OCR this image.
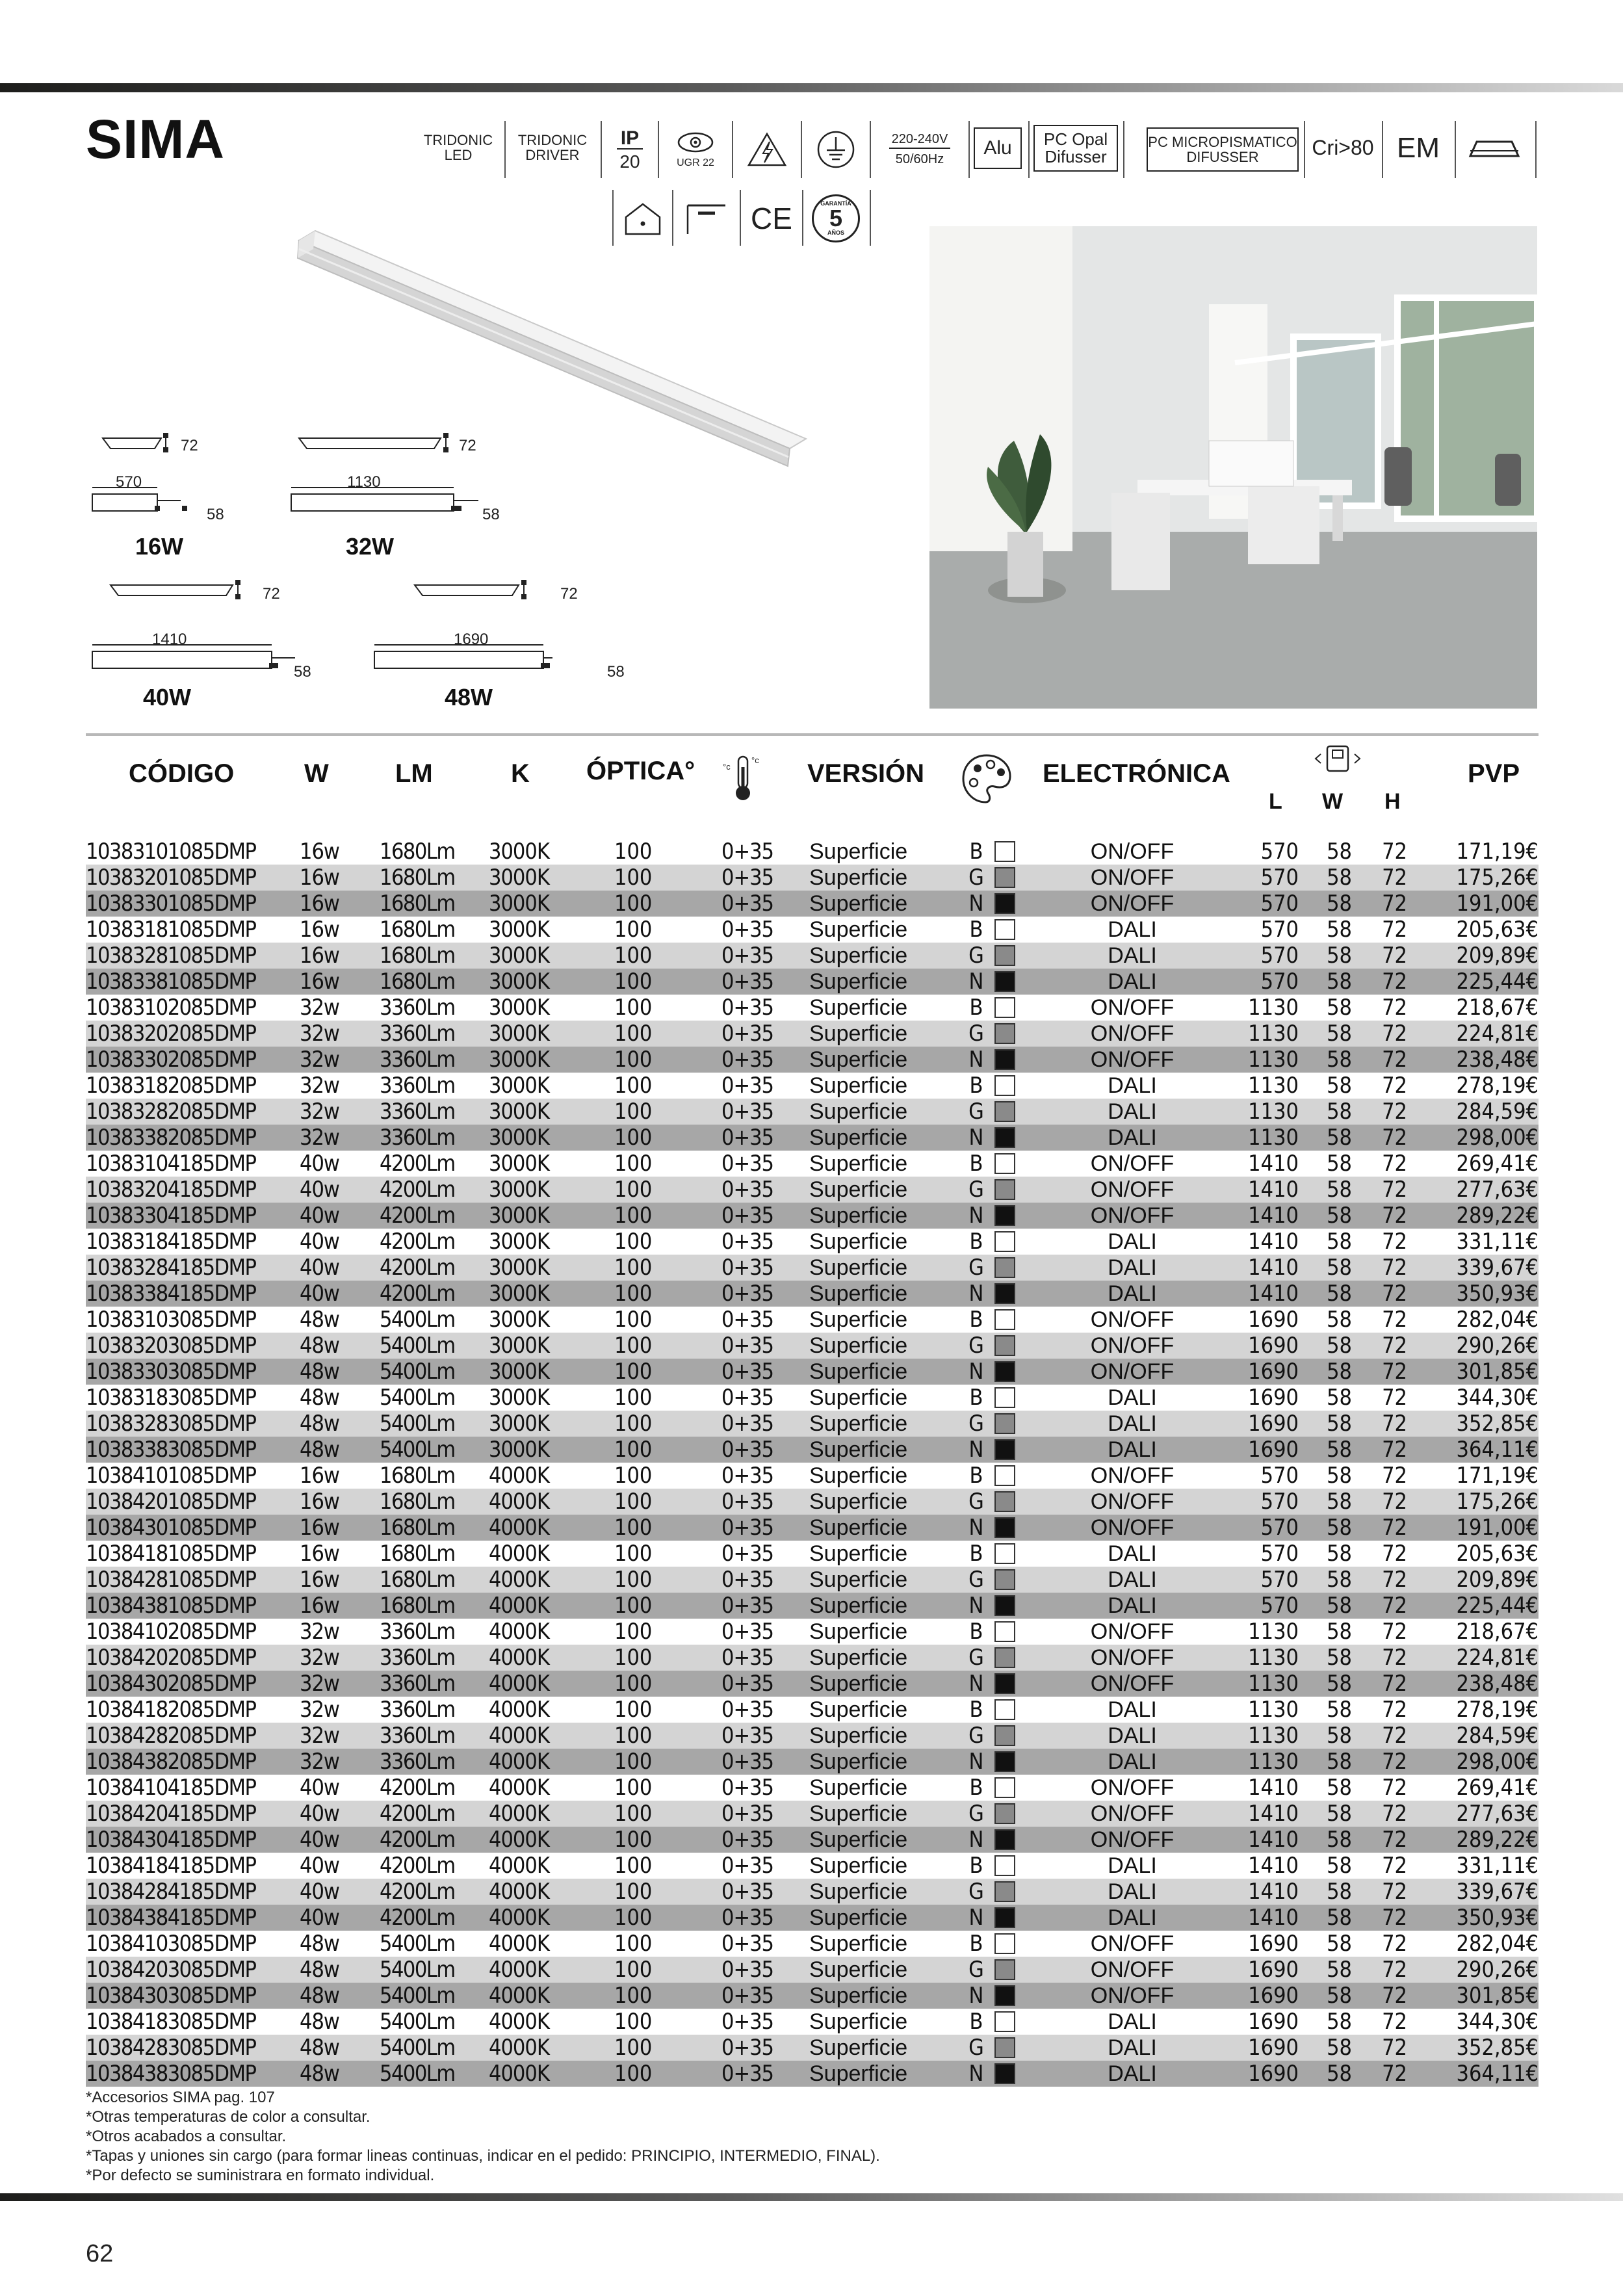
SIMA	TRIDONIC
LED
TRIDONIC
DRIVER
IP
20	UGR 22
220-240V
50/60Hz
Alu	PC Opal
Difusser
PC MICROPISMATICO
DIFUSSER	Cri>80 EM
CE	GARANTÍA
5
AÑOS
72
570
58
16W
72
1130
58
32W
72
1410
58
40W
72
1690
58
48W
CÓDIGO	W	LM	K ÓPTICA°	°c
°c VERSIÓN	ELECTRÓNICA
L W H
PVP
10383101085DMP 16w 1680Lm 3000K	100	0+35 Superficie	B	ON/OFF	570 58 72	171,19€
10383201085DMP 16w 1680Lm 3000K	100	0+35 Superficie	G	ON/OFF	570 58 72	175,26€
10383301085DMP 16w 1680Lm 3000K	100	0+35 Superficie	N	ON/OFF	570 58 72	191,00€
10383181085DMP 16w 1680Lm 3000K	100	0+35 Superficie	B	DALI	570 58 72	205,63€
10383281085DMP 16w 1680Lm 3000K	100	0+35 Superficie	G	DALI	570 58 72	209,89€
10383381085DMP 16w 1680Lm 3000K	100	0+35 Superficie	N	DALI	570 58 72	225,44€
10383102085DMP 32w 3360Lm 3000K	100	0+35 Superficie	B	ON/OFF	1130 58 72	218,67€
10383202085DMP 32w 3360Lm 3000K	100	0+35 Superficie	G	ON/OFF	1130 58 72	224,81€
10383302085DMP 32w 3360Lm 3000K	100	0+35 Superficie	N	ON/OFF	1130 58 72	238,48€
10383182085DMP 32w 3360Lm 3000K	100	0+35 Superficie	B	DALI	1130 58 72	278,19€
10383282085DMP 32w 3360Lm 3000K	100	0+35 Superficie	G	DALI	1130 58 72	284,59€
10383382085DMP 32w 3360Lm 3000K	100	0+35 Superficie	N	DALI	1130 58 72	298,00€
10383104185DMP 40w 4200Lm 3000K	100	0+35 Superficie	B	ON/OFF	1410 58 72	269,41€
10383204185DMP 40w 4200Lm 3000K	100	0+35 Superficie	G	ON/OFF	1410 58 72	277,63€
10383304185DMP 40w 4200Lm 3000K	100	0+35 Superficie	N	ON/OFF	1410 58 72	289,22€
10383184185DMP 40w 4200Lm 3000K	100	0+35 Superficie	B	DALI	1410 58 72	331,11€
10383284185DMP 40w 4200Lm 3000K	100	0+35 Superficie	G	DALI	1410 58 72	339,67€
10383384185DMP 40w 4200Lm 3000K	100	0+35 Superficie	N	DALI	1410 58 72	350,93€
10383103085DMP 48w 5400Lm 3000K	100	0+35 Superficie	B	ON/OFF	1690 58 72	282,04€
10383203085DMP 48w 5400Lm 3000K	100	0+35 Superficie	G	ON/OFF	1690 58 72	290,26€
10383303085DMP 48w 5400Lm 3000K	100	0+35 Superficie	N	ON/OFF	1690 58 72	301,85€
10383183085DMP 48w 5400Lm 3000K	100	0+35 Superficie	B	DALI	1690 58 72	344,30€
10383283085DMP 48w 5400Lm 3000K	100	0+35 Superficie	G	DALI	1690 58 72	352,85€
10383383085DMP 48w 5400Lm 3000K	100	0+35 Superficie	N	DALI	1690 58 72	364,11€
10384101085DMP 16w 1680Lm 4000K	100	0+35 Superficie	B	ON/OFF	570 58 72	171,19€
10384201085DMP 16w 1680Lm 4000K	100	0+35 Superficie	G	ON/OFF	570 58 72	175,26€
10384301085DMP 16w 1680Lm 4000K	100	0+35 Superficie	N	ON/OFF	570 58 72	191,00€
10384181085DMP 16w 1680Lm 4000K	100	0+35 Superficie	B	DALI	570 58 72	205,63€
10384281085DMP 16w 1680Lm 4000K	100	0+35 Superficie	G	DALI	570 58 72	209,89€
10384381085DMP 16w 1680Lm 4000K	100	0+35 Superficie	N	DALI	570 58 72	225,44€
10384102085DMP 32w 3360Lm 4000K	100	0+35 Superficie	B	ON/OFF	1130 58 72	218,67€
10384202085DMP 32w 3360Lm 4000K	100	0+35 Superficie	G	ON/OFF	1130 58 72	224,81€
10384302085DMP 32w 3360Lm 4000K	100	0+35 Superficie	N	ON/OFF	1130 58 72	238,48€
10384182085DMP 32w 3360Lm 4000K	100	0+35 Superficie	B	DALI	1130 58 72	278,19€
10384282085DMP 32w 3360Lm 4000K	100	0+35 Superficie	G	DALI	1130 58 72	284,59€
10384382085DMP 32w 3360Lm 4000K	100	0+35 Superficie	N	DALI	1130 58 72	298,00€
10384104185DMP 40w 4200Lm 4000K	100	0+35 Superficie	B	ON/OFF	1410 58 72	269,41€
10384204185DMP 40w 4200Lm 4000K	100	0+35 Superficie	G	ON/OFF	1410 58 72	277,63€
10384304185DMP 40w 4200Lm 4000K	100	0+35 Superficie	N	ON/OFF	1410 58 72	289,22€
10384184185DMP 40w 4200Lm 4000K	100	0+35 Superficie	B	DALI	1410 58 72	331,11€
10384284185DMP 40w 4200Lm 4000K	100	0+35 Superficie	G	DALI	1410 58 72	339,67€
10384384185DMP 40w 4200Lm 4000K	100	0+35 Superficie	N	DALI	1410 58 72	350,93€
10384103085DMP 48w 5400Lm 4000K	100	0+35 Superficie	B	ON/OFF	1690 58 72	282,04€
10384203085DMP 48w 5400Lm 4000K	100	0+35 Superficie	G	ON/OFF	1690 58 72	290,26€
10384303085DMP 48w 5400Lm 4000K	100	0+35 Superficie	N	ON/OFF	1690 58 72	301,85€
10384183085DMP 48w 5400Lm 4000K	100	0+35 Superficie	B	DALI	1690 58 72	344,30€
10384283085DMP 48w 5400Lm 4000K	100	0+35 Superficie	G	DALI	1690 58 72	352,85€
10384383085DMP 48w 5400Lm 4000K	100	0+35 Superficie	N	DALI	1690 58 72	364,11€
*Accesorios SIMA pag. 107
*Otras temperaturas de color a consultar.
*Otros acabados a consultar.
*Tapas y uniones sin cargo (para formar lineas continuas, indicar en el pedido: PRINCIPIO, INTERMEDIO, FINAL).
*Por defecto se suministrara en formato individual.
62
